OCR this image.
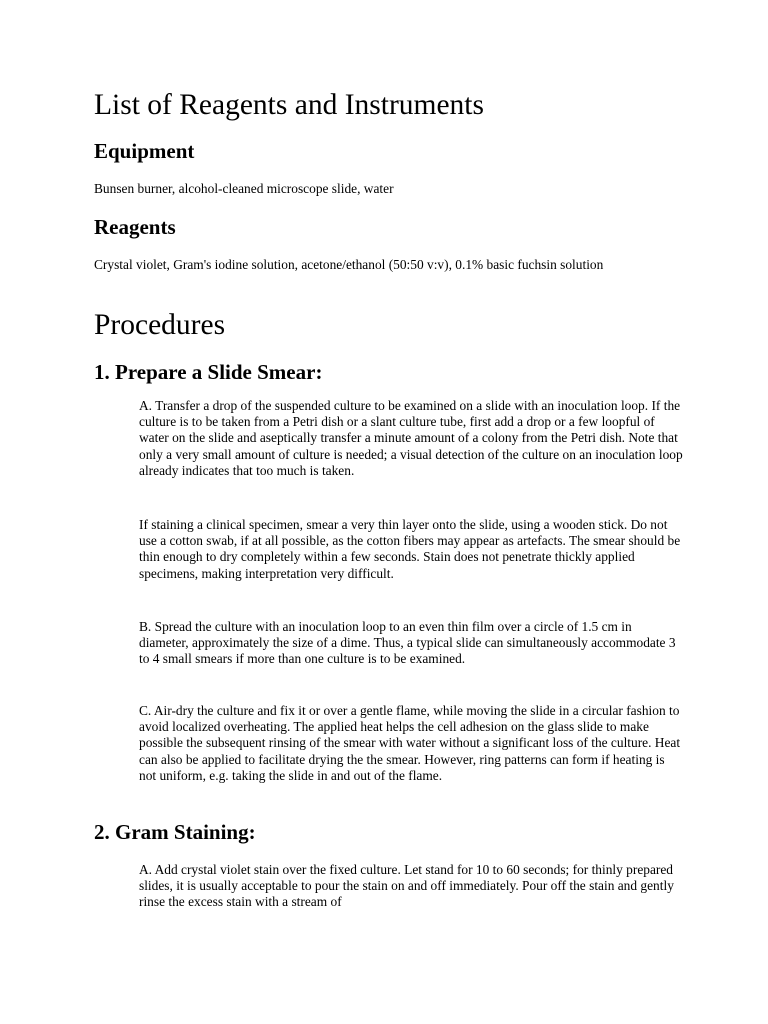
List of Reagents and Instruments
Equipment

Bunsen burner, alcohol-cleaned microscope slide, water

Reagents

Crystal violet, Gram's iodine solution, acetone/ethanol (50:50 v:v), 0.1% basic fuchsin solution

Procedures
1. Prepare a Slide Smear:

A. Transfer a drop of the suspended culture to be examined on a slide with an inoculation loop. If the culture is to be taken from a Petri dish or a slant culture tube, first add a drop or a few loopful of water on the slide and aseptically transfer a minute amount of a colony from the Petri dish. Note that only a very small amount of culture is needed; a visual detection of the culture on an inoculation loop already indicates that too much is taken.

If staining a clinical specimen, smear a very thin layer onto the slide, using a wooden stick. Do not use a cotton swab, if at all possible, as the cotton fibers may appear as artefacts. The smear should be thin enough to dry completely within a few seconds. Stain does not penetrate thickly applied specimens, making interpretation very difficult.

B. Spread the culture with an inoculation loop to an even thin film over a circle of 1.5 cm in diameter, approximately the size of a dime. Thus, a typical slide can simultaneously accommodate 3 to 4 small smears if more than one culture is to be examined.

C. Air-dry the culture and fix it or over a gentle flame, while moving the slide in a circular fashion to avoid localized overheating. The applied heat helps the cell adhesion on the glass slide to make possible the subsequent rinsing of the smear with water without a significant loss of the culture. Heat can also be applied to facilitate drying the the smear. However, ring patterns can form if heating is not uniform, e.g. taking the slide in and out of the flame.

2. Gram Staining:

A. Add crystal violet stain over the fixed culture. Let stand for 10 to 60 seconds; for thinly prepared slides, it is usually acceptable to pour the stain on and off immediately. Pour off the stain and gently rinse the excess stain with a stream of
